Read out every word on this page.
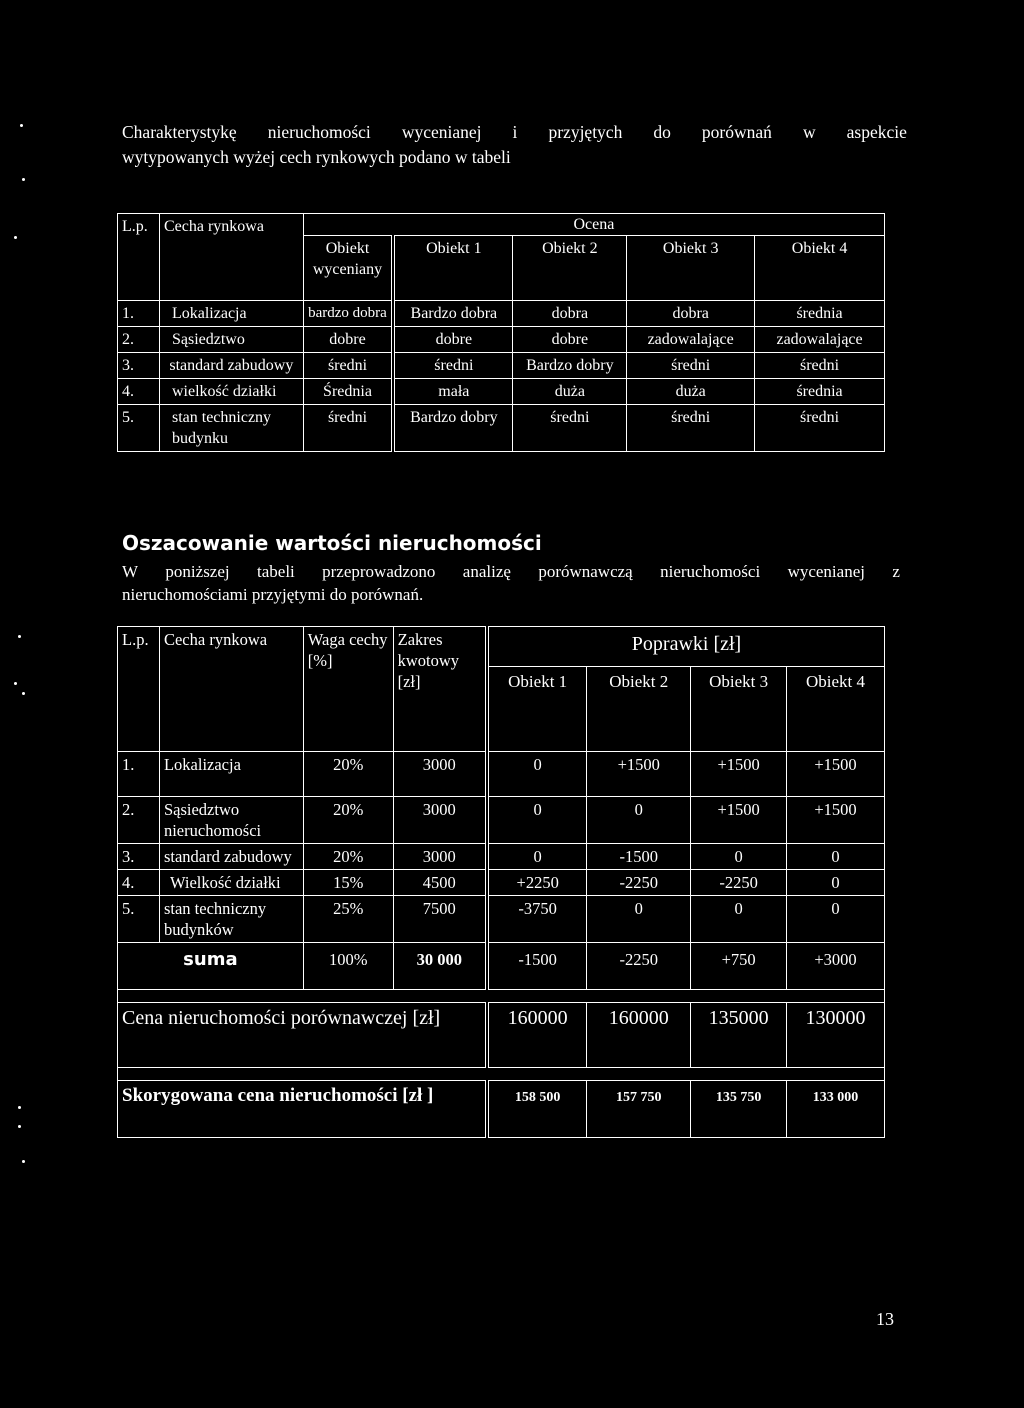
Charakterystykę nieruchomości wycenianej i przyjętych do porównań w aspekcie
wytypowanych wyżej cech rynkowych podano w tabeli
L.p.	Cecha rynkowa	Ocena				
		Obiekt wyceniany	Obiekt 1	Obiekt 2	Obiekt 3	Obiekt 4
1.	Lokalizacja	bardzo dobra	Bardzo dobra	dobra	dobra	średnia
2.	Sąsiedztwo	dobre	dobre	dobre	zadowalające	zadowalające
3.	standard zabudowy	średni	średni	Bardzo dobry	średni	średni
4.	wielkość działki	Średnia	mała	duża	duża	średnia
5.	stan techniczny budynku	średni	Bardzo dobry	średni	średni	średni
Oszacowanie wartości nieruchomości
W poniższej tabeli przeprowadzono analizę porównawczą nieruchomości wycenianej z
nieruchomościami przyjętymi do porównań.
L.p.	Cecha rynkowa	Waga cechy [%]	Zakres kwotowy [zł]	Poprawki [zł]			
				Obiekt 1	Obiekt 2	Obiekt 3	Obiekt 4
1.	Lokalizacja	20%	3000	0	+1500	+1500	+1500
2.	Sąsiedztwo nieruchomości	20%	3000	0	0	+1500	+1500
3.	standard zabudowy	20%	3000	0	-1500	0	0
4.	Wielkość działki	15%	4500	+2250	-2250	-2250	0
5.	stan techniczny budynków	25%	7500	-3750	0	0	0
suma		100%	30 000	-1500	-2250	+750	+3000

Cena nieruchomości porównawczej [zł]				160000	160000	135000	130000

Skorygowana cena nieruchomości [zł ]				158 500	157 750	135 750	133 000
13
